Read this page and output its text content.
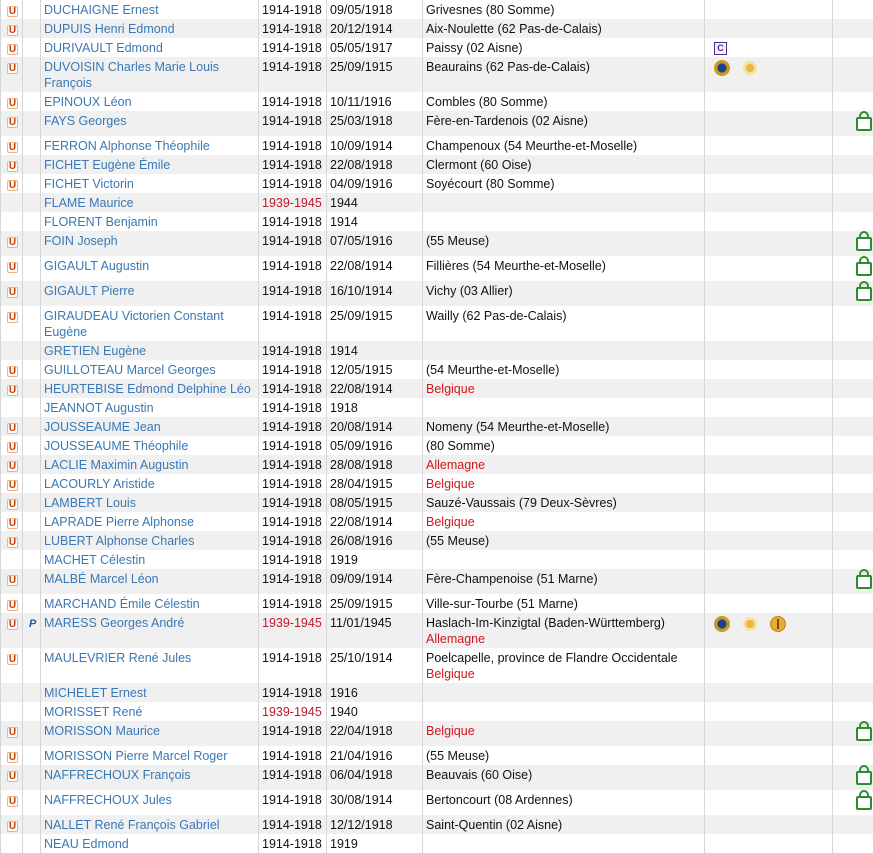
U		DUCHAIGNE Ernest	1914-1918	09/05/1918	Grivesnes (80 Somme)		
U		DUPUIS Henri Edmond	1914-1918	20/12/1914	Aix-Noulette (62 Pas-de-Calais)		
U		DURIVAULT Edmond	1914-1918	05/05/1917	Paissy (02 Aisne)	C	
U		DUVOISIN Charles Marie Louis François	1914-1918	25/09/1915	Beaurains (62 Pas-de-Calais)		
U		EPINOUX Léon	1914-1918	10/11/1916	Combles (80 Somme)		
U		FAYS Georges	1914-1918	25/03/1918	Fère-en-Tardenois (02 Aisne)		
U		FERRON Alphonse Théophile	1914-1918	10/09/1914	Champenoux (54 Meurthe-et-Moselle)		
U		FICHET Eugène Émile	1914-1918	22/08/1918	Clermont (60 Oise)		
U		FICHET Victorin	1914-1918	04/09/1916	Soyécourt (80 Somme)		
		FLAME Maurice	1939-1945	1944			
		FLORENT Benjamin	1914-1918	1914			
U		FOIN Joseph	1914-1918	07/05/1916	(55 Meuse)		
U		GIGAULT Augustin	1914-1918	22/08/1914	Fillières (54 Meurthe-et-Moselle)		
U		GIGAULT Pierre	1914-1918	16/10/1914	Vichy (03 Allier)		
U		GIRAUDEAU Victorien Constant Eugène	1914-1918	25/09/1915	Wailly (62 Pas-de-Calais)		
		GRETIEN Eugène	1914-1918	1914			
U		GUILLOTEAU Marcel Georges	1914-1918	12/05/1915	(54 Meurthe-et-Moselle)		
U		HEURTEBISE Edmond Delphine Léo	1914-1918	22/08/1914	Belgique		

		JEANNOT Augustin	1914-1918	1918			
U		JOUSSEAUME Jean	1914-1918	20/08/1914	Nomeny (54 Meurthe-et-Moselle)		
U		JOUSSEAUME Théophile	1914-1918	05/09/1916	(80 Somme)		
U		LACLIE Maximin Augustin	1914-1918	28/08/1918	Allemagne		

U		LACOURLY Aristide	1914-1918	28/04/1915	Belgique		

U		LAMBERT Louis	1914-1918	08/05/1915	Sauzé-Vaussais (79 Deux-Sèvres)		
U		LAPRADE Pierre Alphonse	1914-1918	22/08/1914	Belgique		

U		LUBERT Alphonse Charles	1914-1918	26/08/1916	(55 Meuse)		
		MACHET Célestin	1914-1918	1919			
U		MALBÉ Marcel Léon	1914-1918	09/09/1914	Fère-Champenoise (51 Marne)		
U		MARCHAND Émile Célestin	1914-1918	25/09/1915	Ville-sur-Tourbe (51 Marne)		
U	P	MARESS Georges André	1939-1945	11/01/1945	Haslach-Im-Kinzigtal (Baden-Württemberg)
Allemagne		

U		MAULEVRIER René Jules	1914-1918	25/10/1914	Poelcapelle, province de Flandre Occidentale
Belgique		

		MICHELET Ernest	1914-1918	1916			
		MORISSET René	1939-1945	1940			
U		MORISSON Maurice	1914-1918	22/04/1918	Belgique		

U		MORISSON Pierre Marcel Roger	1914-1918	21/04/1916	(55 Meuse)		
U		NAFFRECHOUX François	1914-1918	06/04/1918	Beauvais (60 Oise)		
U		NAFFRECHOUX Jules	1914-1918	30/08/1914	Bertoncourt (08 Ardennes)		
U		NALLET René François Gabriel	1914-1918	12/12/1918	Saint-Quentin (02 Aisne)		
		NEAU Edmond	1914-1918	1919			
